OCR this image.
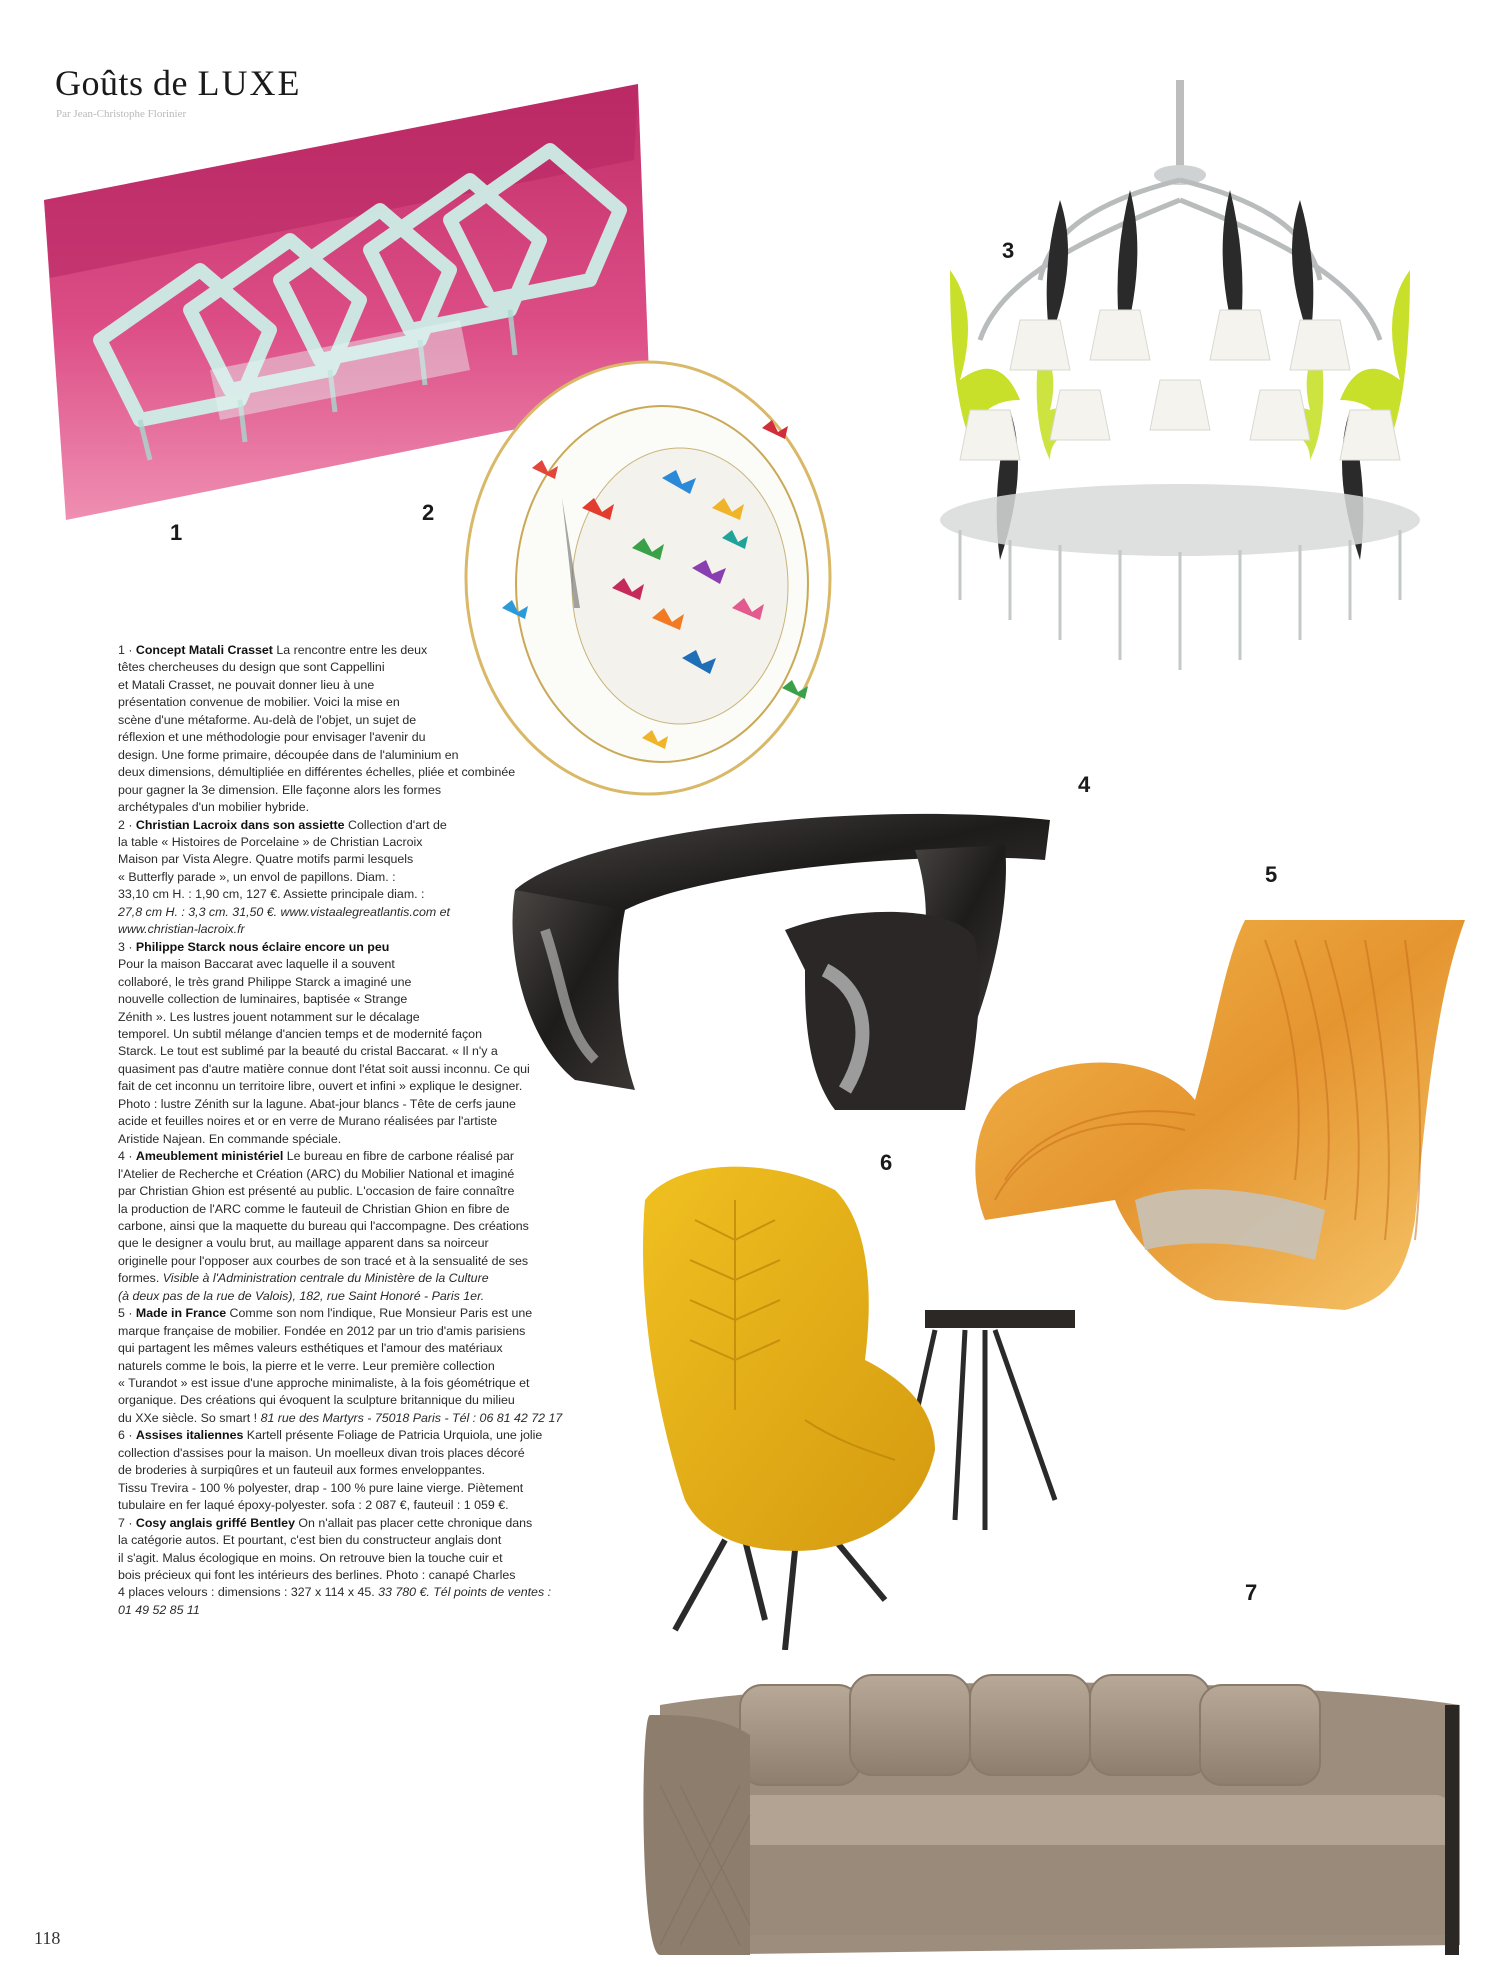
Goûts de LUXE
Par Jean-Christophe Florinier
1
2
3
4
5
6
7
1 · Concept Matali Crasset La rencontre entre les deux
têtes chercheuses du design que sont Cappellini
et Matali Crasset, ne pouvait donner lieu à une
présentation convenue de mobilier. Voici la mise en
scène d'une métaforme. Au-delà de l'objet, un sujet de
réflexion et une méthodologie pour envisager l'avenir du
design. Une forme primaire, découpée dans de l'aluminium en
deux dimensions, démultipliée en différentes échelles, pliée et combinée
pour gagner la 3e dimension. Elle façonne alors les formes
archétypales d'un mobilier hybride.
2 · Christian Lacroix dans son assiette Collection d'art de
la table « Histoires de Porcelaine » de Christian Lacroix
Maison par Vista Alegre. Quatre motifs parmi lesquels
« Butterfly parade », un envol de papillons. Diam. :
33,10 cm H. : 1,90 cm, 127 €. Assiette principale diam. :
27,8 cm H. : 3,3 cm. 31,50 €. www.vistaalegreatlantis.com et
www.christian-lacroix.fr
3 · Philippe Starck nous éclaire encore un peu
Pour la maison Baccarat avec laquelle il a souvent
collaboré, le très grand Philippe Starck a imaginé une
nouvelle collection de luminaires, baptisée « Strange
Zénith ». Les lustres jouent notamment sur le décalage
temporel. Un subtil mélange d'ancien temps et de modernité façon
Starck. Le tout est sublimé par la beauté du cristal Baccarat. « Il n'y a
quasiment pas d'autre matière connue dont l'état soit aussi inconnu. Ce qui
fait de cet inconnu un territoire libre, ouvert et infini » explique le designer.
Photo : lustre Zénith sur la lagune. Abat-jour blancs - Tête de cerfs jaune
acide et feuilles noires et or en verre de Murano réalisées par l'artiste
Aristide Najean. En commande spéciale.
4 · Ameublement ministériel Le bureau en fibre de carbone réalisé par
l'Atelier de Recherche et Création (ARC) du Mobilier National et imaginé
par Christian Ghion est présenté au public. L'occasion de faire connaître
la production de l'ARC comme le fauteuil de Christian Ghion en fibre de
carbone, ainsi que la maquette du bureau qui l'accompagne. Des créations
que le designer a voulu brut, au maillage apparent dans sa noirceur
originelle pour l'opposer aux courbes de son tracé et à la sensualité de ses
formes. Visible à l'Administration centrale du Ministère de la Culture
(à deux pas de la rue de Valois), 182, rue Saint Honoré - Paris 1er.
5 · Made in France Comme son nom l'indique, Rue Monsieur Paris est une
marque française de mobilier. Fondée en 2012 par un trio d'amis parisiens
qui partagent les mêmes valeurs esthétiques et l'amour des matériaux
naturels comme le bois, la pierre et le verre. Leur première collection
« Turandot » est issue d'une approche minimaliste, à la fois géométrique et
organique. Des créations qui évoquent la sculpture britannique du milieu
du XXe siècle. So smart ! 81 rue des Martyrs - 75018 Paris - Tél : 06 81 42 72 17
6 · Assises italiennes Kartell présente Foliage de Patricia Urquiola, une jolie
collection d'assises pour la maison. Un moelleux divan trois places décoré
de broderies à surpiqûres et un fauteuil aux formes enveloppantes.
Tissu Trevira - 100 % polyester, drap - 100 % pure laine vierge. Piètement
tubulaire en fer laqué époxy-polyester. sofa : 2 087 €, fauteuil : 1 059 €.
7 · Cosy anglais griffé Bentley On n'allait pas placer cette chronique dans
la catégorie autos. Et pourtant, c'est bien du constructeur anglais dont
il s'agit. Malus écologique en moins. On retrouve bien la touche cuir et
bois précieux qui font les intérieurs des berlines. Photo : canapé Charles
4 places velours : dimensions : 327 x 114 x 45. 33 780 €. Tél points de ventes :
01 49 52 85 11
118
